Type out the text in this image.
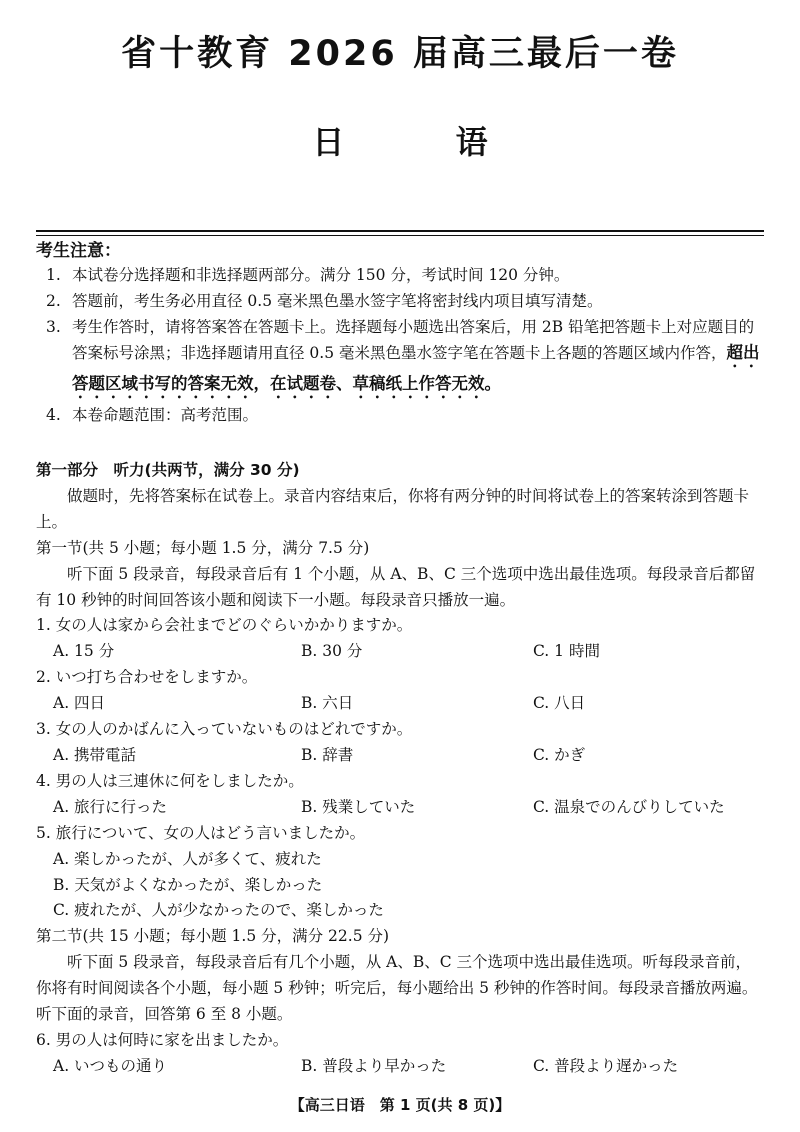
省十教育 2026 届高三最后一卷
日 语
考生注意：
1. 本试卷分选择题和非选择题两部分。满分 150 分，考试时间 120 分钟。
2. 答题前，考生务必用直径 0.5 毫米黑色墨水签字笔将密封线内项目填写清楚。
3. 考生作答时，请将答案答在答题卡上。选择题每小题选出答案后，用 2B 铅笔把答题卡上对应题目的答案标号涂黑；非选择题请用直径 0.5 毫米黑色墨水签字笔在答题卡上各题的答题区域内作答，超出答题区域书写的答案无效，在试题卷、草稿纸上作答无效。
4. 本卷命题范围：高考范围。

第一部分　听力(共两节，满分 30 分)

做题时，先将答案标在试卷上。录音内容结束后，你将有两分钟的时间将试卷上的答案转涂到答题卡上。

第一节(共 5 小题；每小题 1.5 分，满分 7.5 分)

听下面 5 段录音，每段录音后有 1 个小题，从 A、B、C 三个选项中选出最佳选项。每段录音后都留有 10 秒钟的时间回答该小题和阅读下一小题。每段录音只播放一遍。

1. 女の人は家から会社までどのぐらいかかりますか。

A. 15 分	B. 30 分	C. 1 時間

2. いつ打ち合わせをしますか。

A. 四日	B. 六日	C. 八日

3. 女の人のかばんに入っていないものはどれですか。

A. 携帯電話	B. 辞書	C. かぎ

4. 男の人は三連休に何をしましたか。

A. 旅行に行った	B. 残業していた	C. 温泉でのんびりしていた

5. 旅行について、女の人はどう言いましたか。

A. 楽しかったが、人が多くて、疲れた
B. 天気がよくなかったが、楽しかった
C. 疲れたが、人が少なかったので、楽しかった

第二节(共 15 小题；每小题 1.5 分，满分 22.5 分)

听下面 5 段录音，每段录音后有几个小题，从 A、B、C 三个选项中选出最佳选项。听每段录音前，你将有时间阅读各个小题，每小题 5 秒钟；听完后，每小题给出 5 秒钟的作答时间。每段录音播放两遍。

听下面的录音，回答第 6 至 8 小题。

6. 男の人は何時に家を出ましたか。

A. いつもの通り	B. 普段より早かった	C. 普段より遅かった
【高三日语　第 1 页(共 8 页)】
